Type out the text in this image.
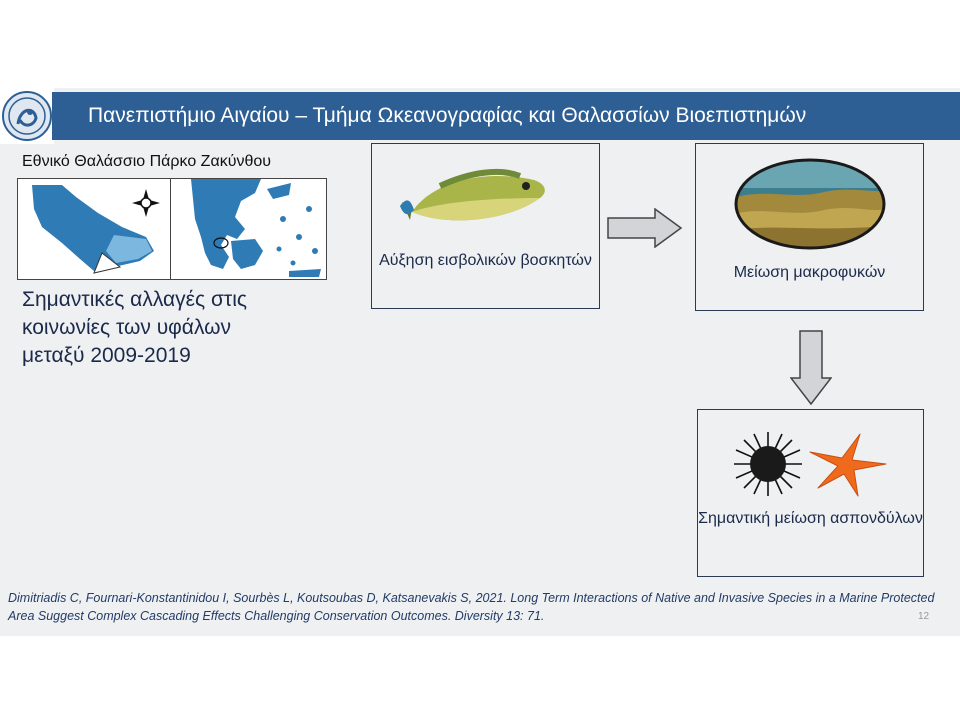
Πανεπιστήμιο Αιγαίου – Τμήμα Ωκεανογραφίας και Θαλασσίων Βιοεπιστημών
Εθνικό Θαλάσσιο Πάρκο Ζακύνθου
Σημαντικές αλλαγές στις
κοινωνίες των υφάλων
μεταξύ 2009-2019
Αύξηση εισβολικών βοσκητών
Μείωση μακροφυκών
Σημαντική μείωση ασπονδύλων
Dimitriadis C, Fournari-Konstantinidou I, Sourbès L, Koutsoubas D, Katsanevakis S, 2021. Long Term Interactions of Native and Invasive Species in a Marine Protected Area Suggest Complex Cascading Effects Challenging Conservation Outcomes. Diversity 13: 71.	12
